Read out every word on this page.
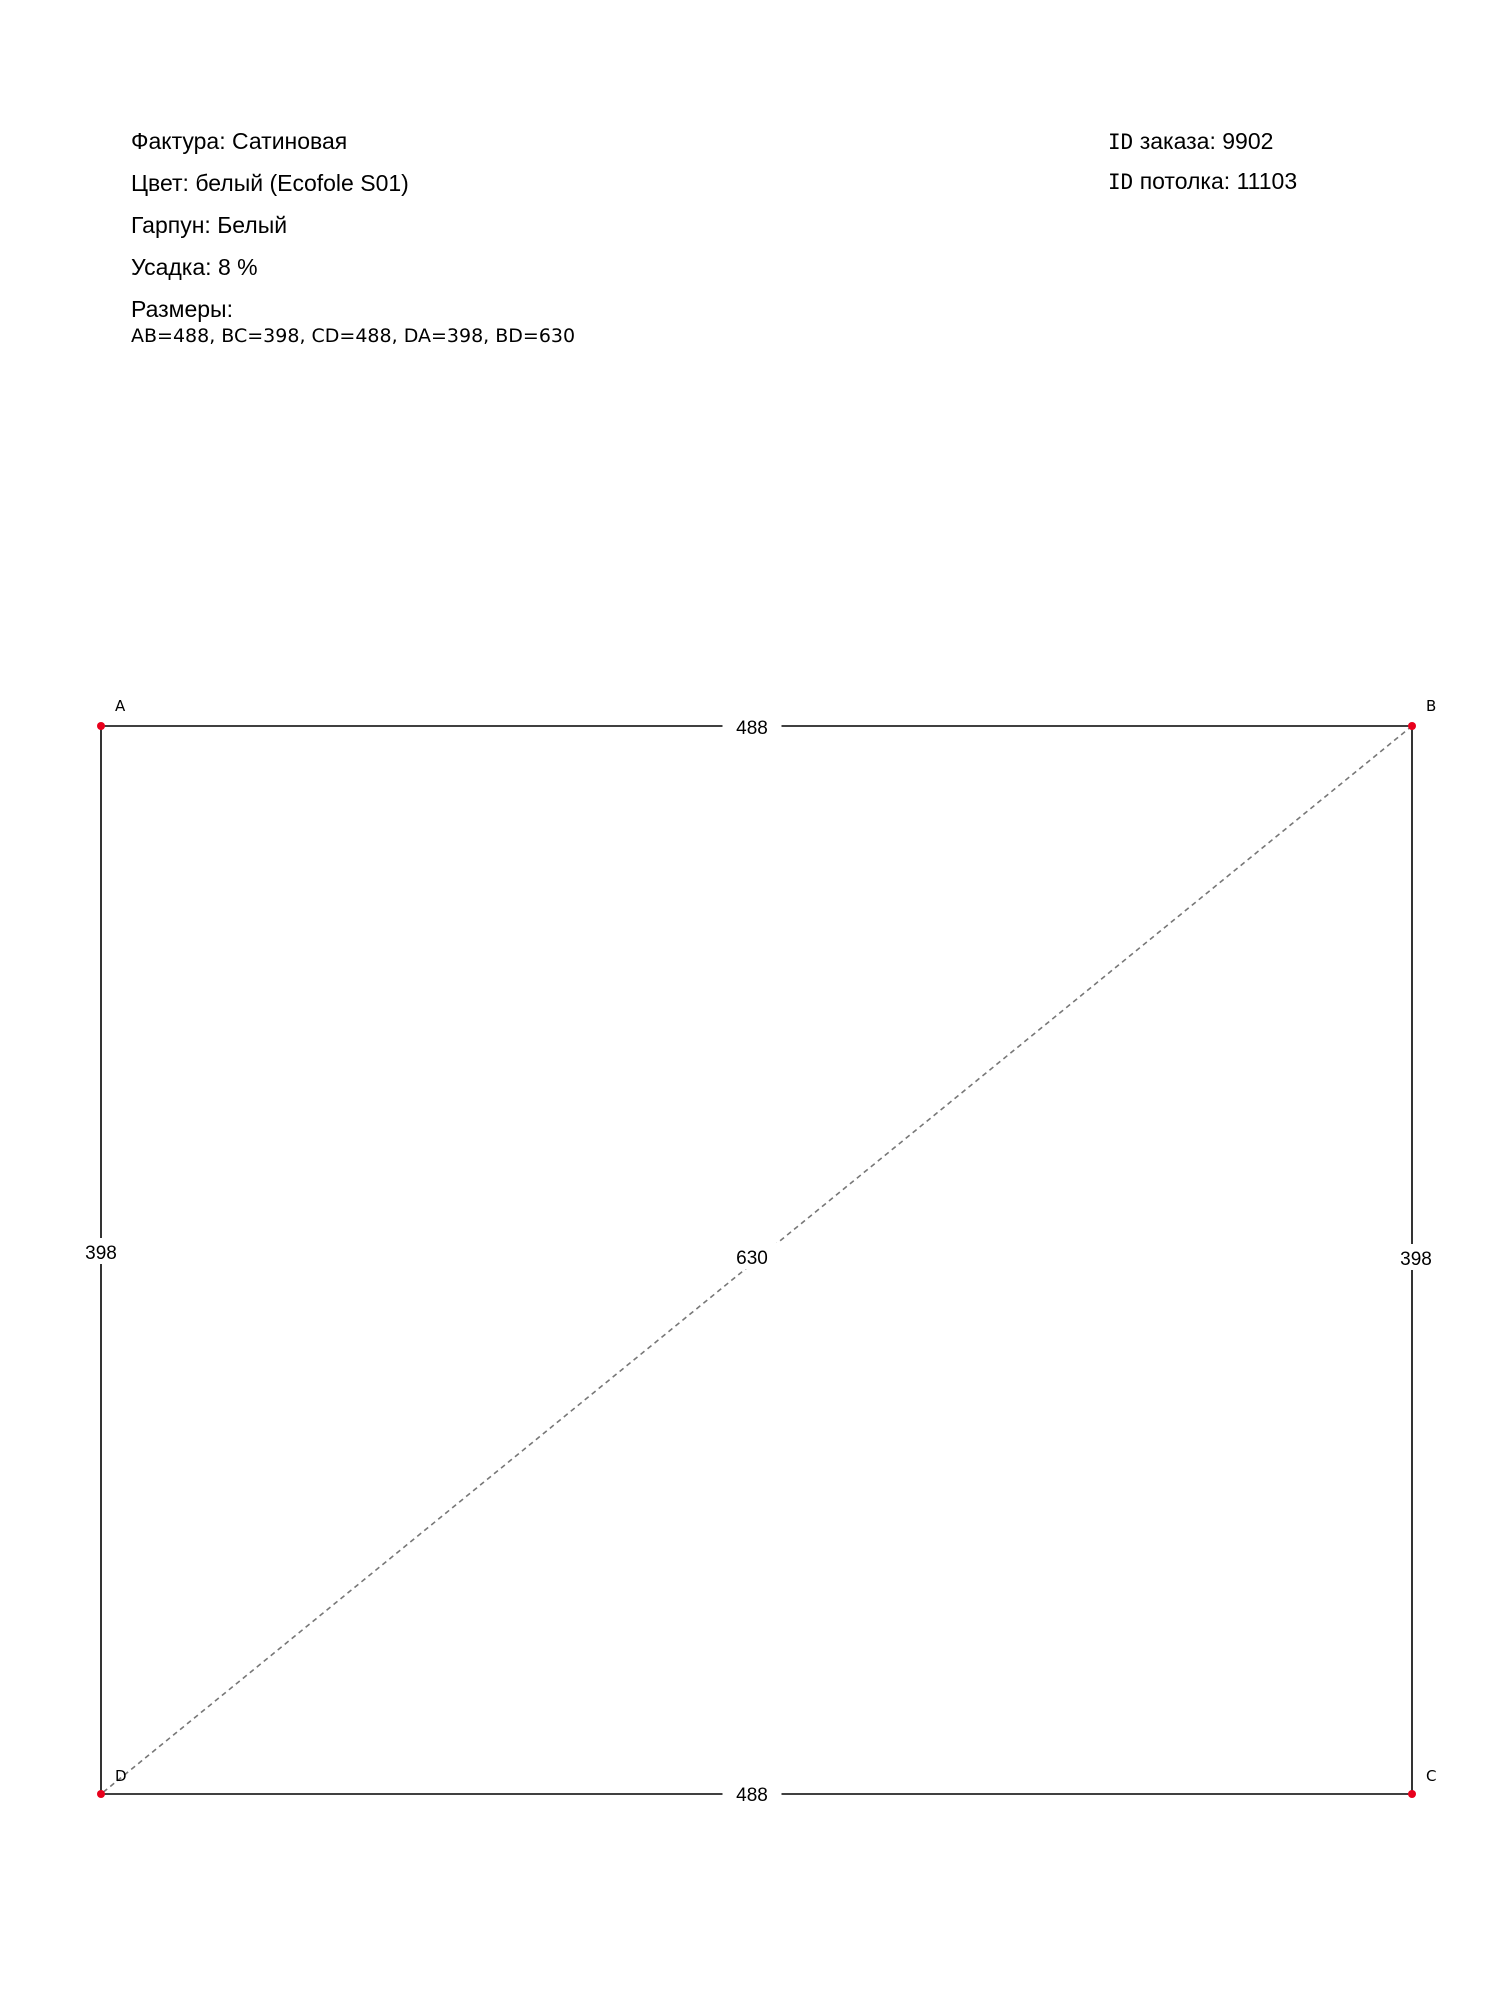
Фактура: Сатиновая
Цвет: белый (Ecofole S01)
Гарпун: Белый
Усадка: 8 %
Размеры:
AB=488, BC=398, CD=488, DA=398, BD=630
ID заказа: 9902
ID потолка: 11103
630
488
398
488
398
A	B
C
D
